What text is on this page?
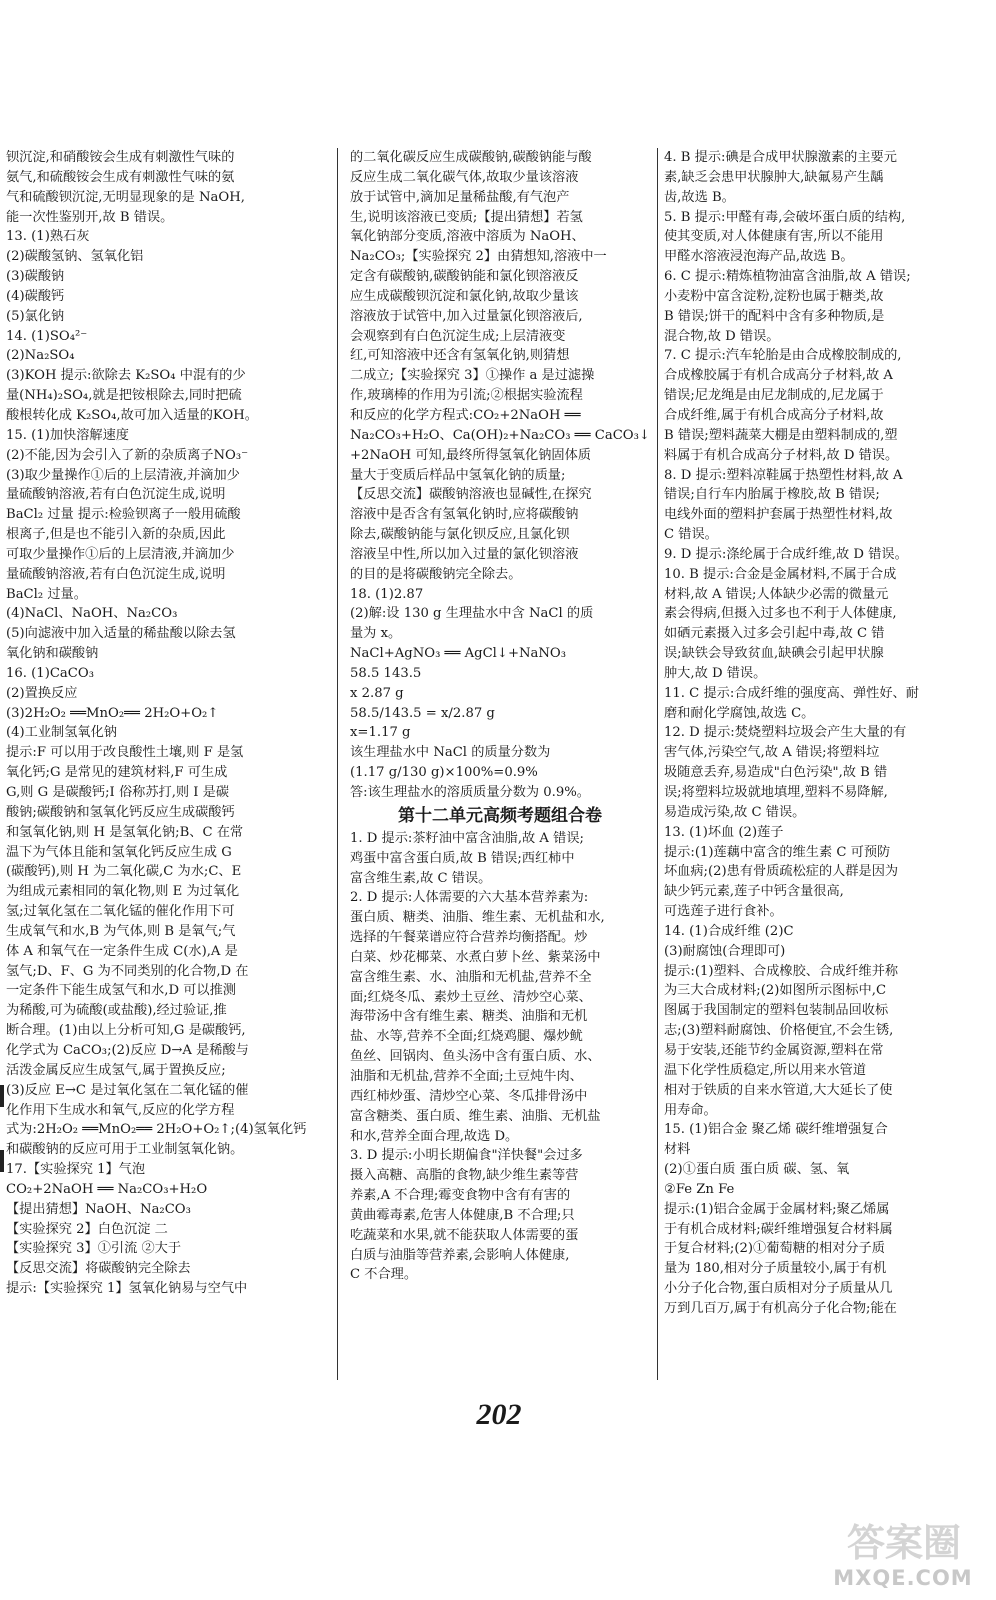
钡沉淀,和硝酸铵会生成有刺激性气味的
氨气,和硫酸铵会生成有刺激性气味的氨
气和硫酸钡沉淀,无明显现象的是 NaOH,
能一次性鉴别开,故 B 错误。
13. (1)熟石灰
(2)碳酸氢钠、氢氧化铝
(3)碳酸钠
(4)碳酸钙
(5)氯化钠
14. (1)SO₄²⁻
(2)Na₂SO₄
(3)KOH 提示:欲除去 K₂SO₄ 中混有的少
量(NH₄)₂SO₄,就是把铵根除去,同时把硫
酸根转化成 K₂SO₄,故可加入适量的KOH。
15. (1)加快溶解速度
(2)不能,因为会引入了新的杂质离子NO₃⁻
(3)取少量操作①后的上层清液,并滴加少
量硫酸钠溶液,若有白色沉淀生成,说明
BaCl₂ 过量 提示:检验钡离子一般用硫酸
根离子,但是也不能引入新的杂质,因此
可取少量操作①后的上层清液,并滴加少
量硫酸钠溶液,若有白色沉淀生成,说明
BaCl₂ 过量。
(4)NaCl、NaOH、Na₂CO₃
(5)向滤液中加入适量的稀盐酸以除去氢
氧化钠和碳酸钠
16. (1)CaCO₃
(2)置换反应
(3)2H₂O₂ ══MnO₂══ 2H₂O+O₂↑
(4)工业制氢氧化钠
提示:F 可以用于改良酸性土壤,则 F 是氢
氧化钙;G 是常见的建筑材料,F 可生成
G,则 G 是碳酸钙;I 俗称苏打,则 I 是碳
酸钠;碳酸钠和氢氧化钙反应生成碳酸钙
和氢氧化钠,则 H 是氢氧化钠;B、C 在常
温下为气体且能和氢氧化钙反应生成 G
(碳酸钙),则 H 为二氧化碳,C 为水;C、E
为组成元素相同的氧化物,则 E 为过氧化
氢;过氧化氢在二氧化锰的催化作用下可
生成氧气和水,B 为气体,则 B 是氧气;气
体 A 和氧气在一定条件生成 C(水),A 是
氢气;D、F、G 为不同类别的化合物,D 在
一定条件下能生成氢气和水,D 可以推测
为稀酸,可为硫酸(或盐酸),经过验证,推
断合理。(1)由以上分析可知,G 是碳酸钙,
化学式为 CaCO₃;(2)反应 D→A 是稀酸与
活泼金属反应生成氢气,属于置换反应;
(3)反应 E→C 是过氧化氢在二氧化锰的催
化作用下生成水和氧气,反应的化学方程
式为:2H₂O₂ ══MnO₂══ 2H₂O+O₂↑;(4)氢氧化钙
和碳酸钠的反应可用于工业制氢氧化钠。
17.【实验探究 1】气泡
CO₂+2NaOH ══ Na₂CO₃+H₂O
【提出猜想】NaOH、Na₂CO₃
【实验探究 2】白色沉淀 二
【实验探究 3】①引流 ②大于
【反思交流】将碳酸钠完全除去
提示:【实验探究 1】氢氧化钠易与空气中
的二氧化碳反应生成碳酸钠,碳酸钠能与酸
反应生成二氧化碳气体,故取少量该溶液
放于试管中,滴加足量稀盐酸,有气泡产
生,说明该溶液已变质;【提出猜想】若氢
氧化钠部分变质,溶液中溶质为 NaOH、
Na₂CO₃;【实验探究 2】由猜想知,溶液中一
定含有碳酸钠,碳酸钠能和氯化钡溶液反
应生成碳酸钡沉淀和氯化钠,故取少量该
溶液放于试管中,加入过量氯化钡溶液后,
会观察到有白色沉淀生成;上层清液变
红,可知溶液中还含有氢氧化钠,则猜想
二成立;【实验探究 3】①操作 a 是过滤操
作,玻璃棒的作用为引流;②根据实验流程
和反应的化学方程式:CO₂+2NaOH ══
Na₂CO₃+H₂O、Ca(OH)₂+Na₂CO₃ ══ CaCO₃↓
+2NaOH 可知,最终所得氢氧化钠固体质
量大于变质后样品中氢氧化钠的质量;
【反思交流】碳酸钠溶液也显碱性,在探究
溶液中是否含有氢氧化钠时,应将碳酸钠
除去,碳酸钠能与氯化钡反应,且氯化钡
溶液呈中性,所以加入过量的氯化钡溶液
的目的是将碳酸钠完全除去。
18. (1)2.87
(2)解:设 130 g 生理盐水中含 NaCl 的质
量为 x。
NaCl+AgNO₃ ══ AgCl↓+NaNO₃
58.5 143.5
x 2.87 g
58.5/143.5 = x/2.87 g
x=1.17 g
该生理盐水中 NaCl 的质量分数为
(1.17 g/130 g)×100%=0.9%
答:该生理盐水的溶质质量分数为 0.9%。
第十二单元高频考题组合卷
1. D 提示:茶籽油中富含油脂,故 A 错误;
鸡蛋中富含蛋白质,故 B 错误;西红柿中
富含维生素,故 C 错误。
2. D 提示:人体需要的六大基本营养素为:
蛋白质、糖类、油脂、维生素、无机盐和水,
选择的午餐菜谱应符合营养均衡搭配。炒
白菜、炒花椰菜、水煮白萝卜丝、紫菜汤中
富含维生素、水、油脂和无机盐,营养不全
面;红烧冬瓜、素炒土豆丝、清炒空心菜、
海带汤中含有维生素、糖类、油脂和无机
盐、水等,营养不全面;红烧鸡腿、爆炒鱿
鱼丝、回锅肉、鱼头汤中含有蛋白质、水、
油脂和无机盐,营养不全面;土豆炖牛肉、
西红柿炒蛋、清炒空心菜、冬瓜排骨汤中
富含糖类、蛋白质、维生素、油脂、无机盐
和水,营养全面合理,故选 D。
3. D 提示:小明长期偏食"洋快餐"会过多
摄入高糖、高脂的食物,缺少维生素等营
养素,A 不合理;霉变食物中含有有害的
黄曲霉毒素,危害人体健康,B 不合理;只
吃蔬菜和水果,就不能获取人体需要的蛋
白质与油脂等营养素,会影响人体健康,
C 不合理。
4. B 提示:碘是合成甲状腺激素的主要元
素,缺乏会患甲状腺肿大,缺氟易产生龋
齿,故选 B。
5. B 提示:甲醛有毒,会破坏蛋白质的结构,
使其变质,对人体健康有害,所以不能用
甲醛水溶液浸泡海产品,故选 B。
6. C 提示:精炼植物油富含油脂,故 A 错误;
小麦粉中富含淀粉,淀粉也属于糖类,故
B 错误;饼干的配料中含有多种物质,是
混合物,故 D 错误。
7. C 提示:汽车轮胎是由合成橡胶制成的,
合成橡胶属于有机合成高分子材料,故 A
错误;尼龙绳是由尼龙制成的,尼龙属于
合成纤维,属于有机合成高分子材料,故
B 错误;塑料蔬菜大棚是由塑料制成的,塑
料属于有机合成高分子材料,故 D 错误。
8. D 提示:塑料凉鞋属于热塑性材料,故 A
错误;自行车内胎属于橡胶,故 B 错误;
电线外面的塑料护套属于热塑性材料,故
C 错误。
9. D 提示:涤纶属于合成纤维,故 D 错误。
10. B 提示:合金是金属材料,不属于合成
材料,故 A 错误;人体缺少必需的微量元
素会得病,但摄入过多也不利于人体健康,
如硒元素摄入过多会引起中毒,故 C 错
误;缺铁会导致贫血,缺碘会引起甲状腺
肿大,故 D 错误。
11. C 提示:合成纤维的强度高、弹性好、耐
磨和耐化学腐蚀,故选 C。
12. D 提示:焚烧塑料垃圾会产生大量的有
害气体,污染空气,故 A 错误;将塑料垃
圾随意丢弃,易造成"白色污染",故 B 错
误;将塑料垃圾就地填埋,塑料不易降解,
易造成污染,故 C 错误。
13. (1)坏血 (2)莲子
提示:(1)莲藕中富含的维生素 C 可预防
坏血病;(2)患有骨质疏松症的人群是因为
缺少钙元素,莲子中钙含量很高,
可选莲子进行食补。
14. (1)合成纤维 (2)C
(3)耐腐蚀(合理即可)
提示:(1)塑料、合成橡胶、合成纤维并称
为三大合成材料;(2)如图所示图标中,C
图属于我国制定的塑料包装制品回收标
志;(3)塑料耐腐蚀、价格便宜,不会生锈,
易于安装,还能节约金属资源,塑料在常
温下化学性质稳定,所以用来水管道
相对于铁质的自来水管道,大大延长了使
用寿命。
15. (1)铝合金 聚乙烯 碳纤维增强复合
材料
(2)①蛋白质 蛋白质 碳、氢、氧
②Fe Zn Fe
提示:(1)铝合金属于金属材料;聚乙烯属
于有机合成材料;碳纤维增强复合材料属
于复合材料;(2)①葡萄糖的相对分子质
量为 180,相对分子质量较小,属于有机
小分子化合物,蛋白质相对分子质量从几
万到几百万,属于有机高分子化合物;能在
202
答案圈
MXQE.COM
